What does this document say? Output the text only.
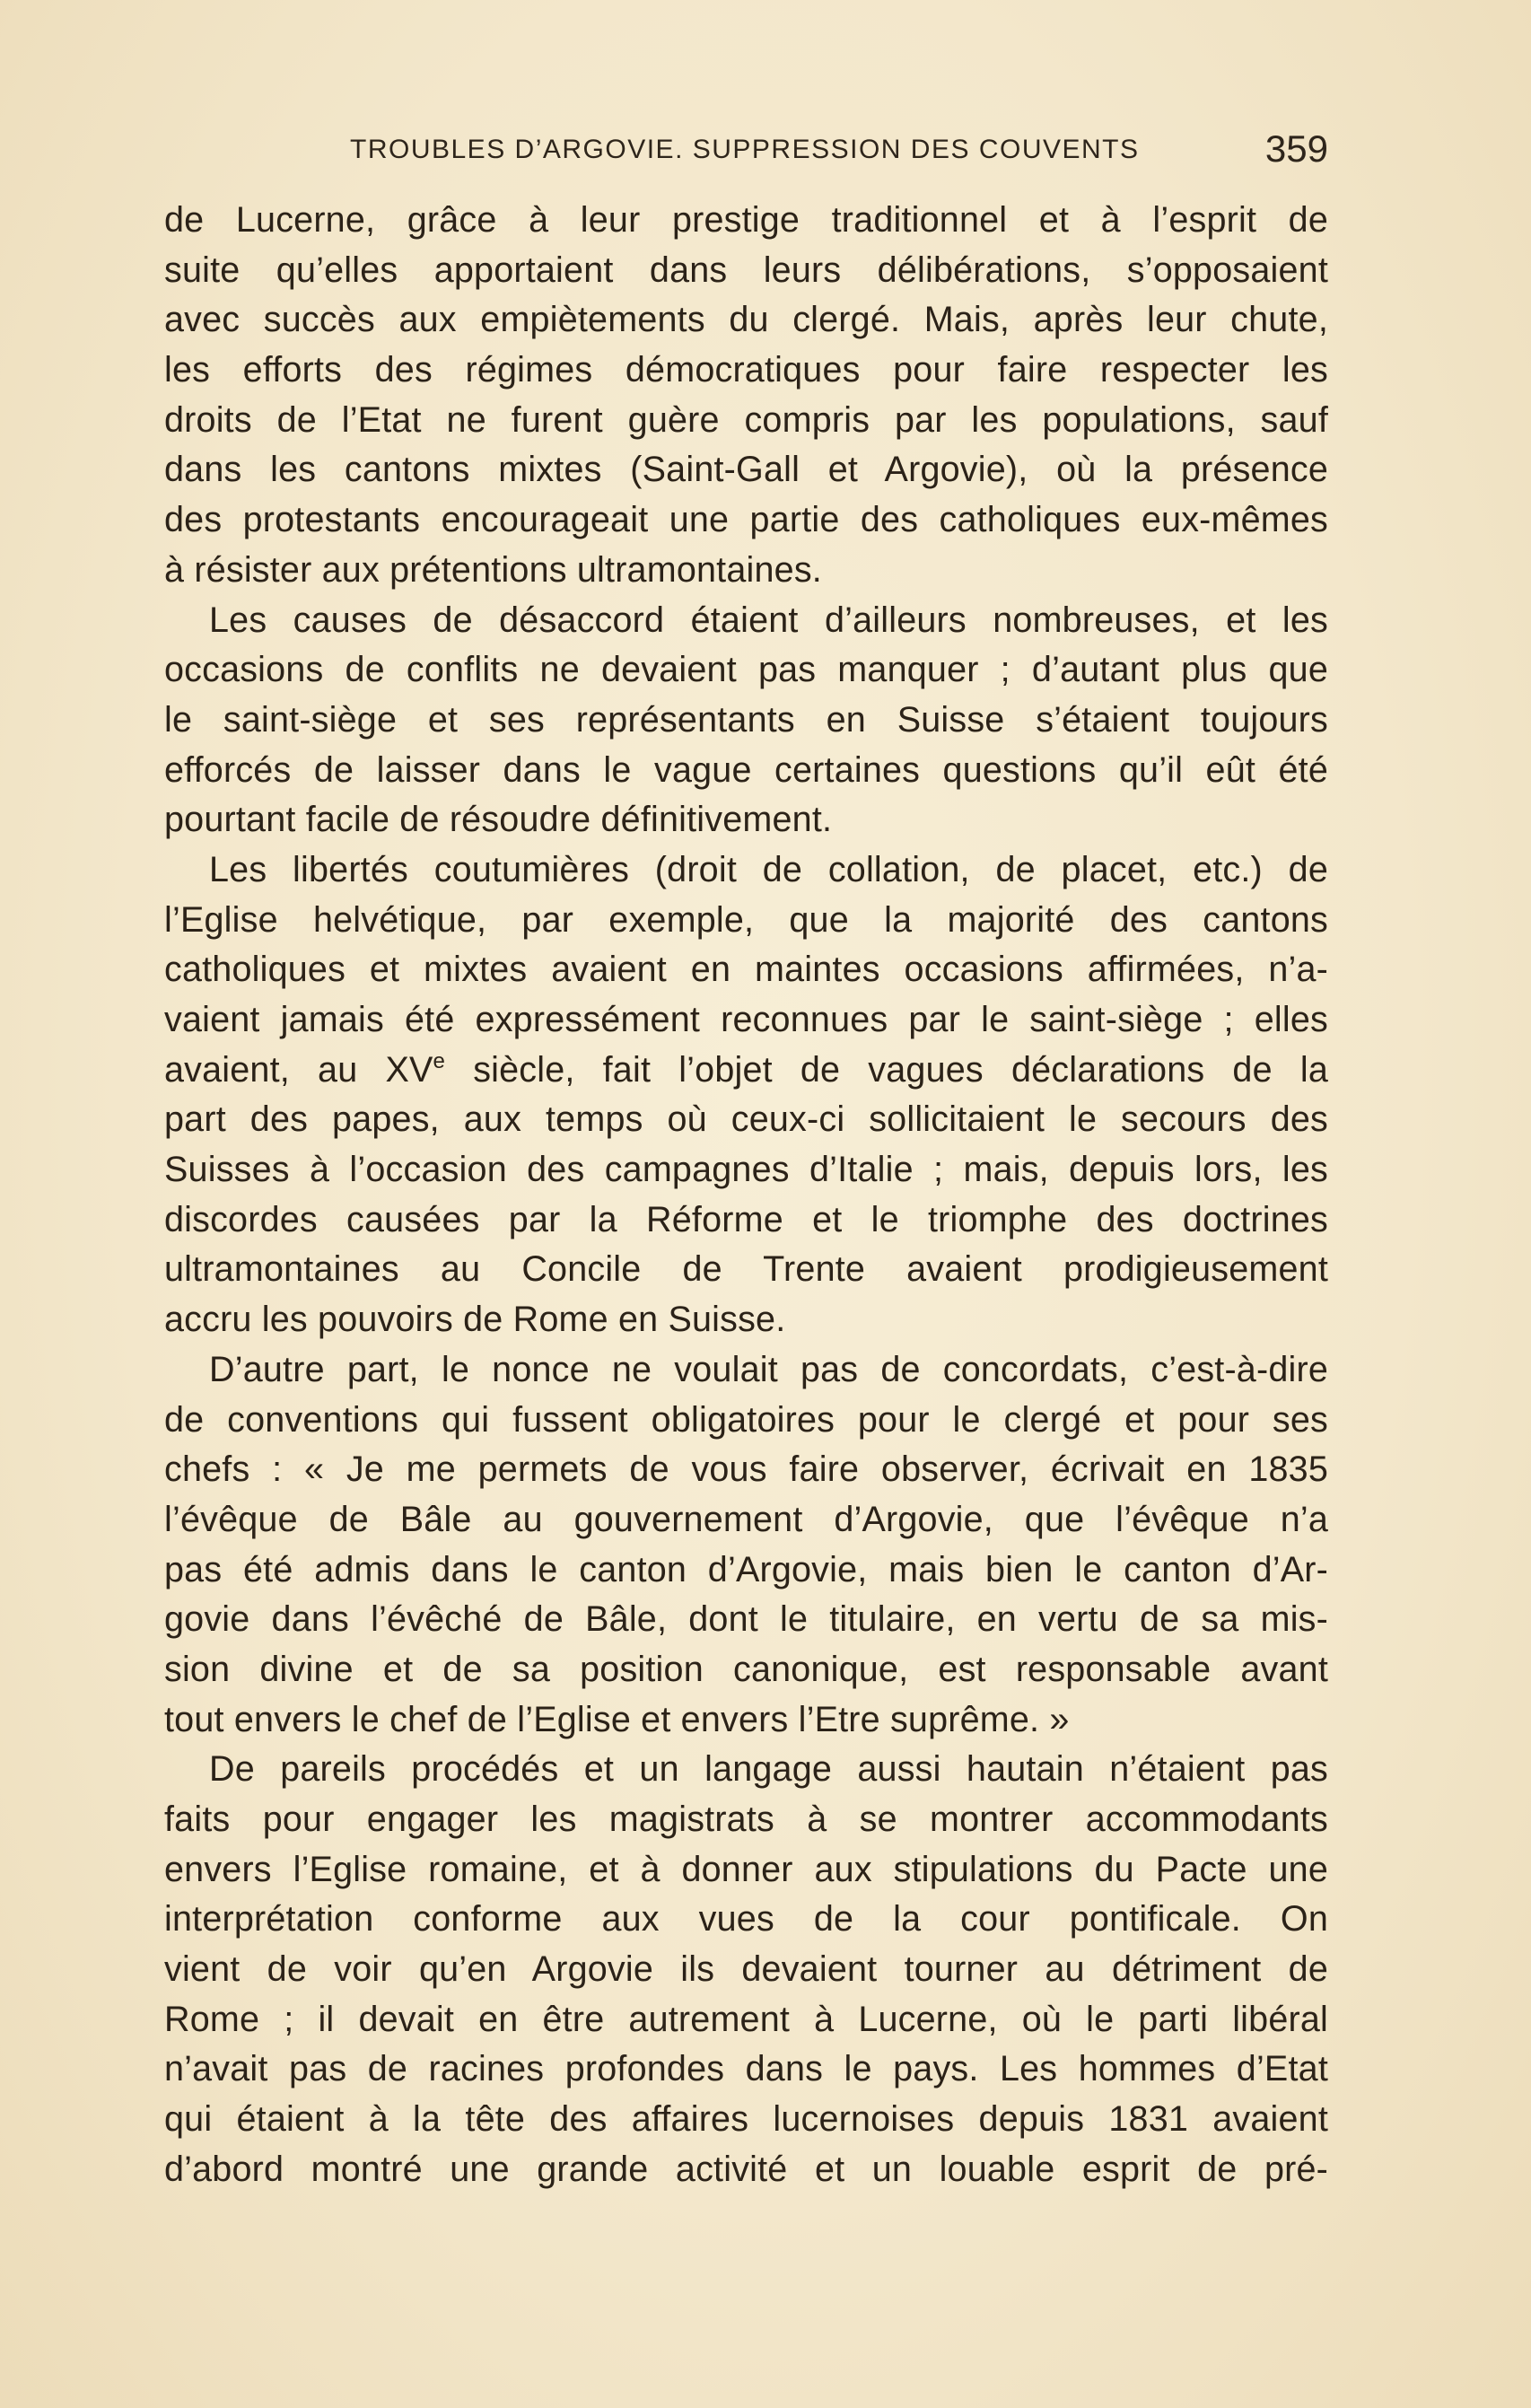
TROUBLES D’ARGOVIE. SUPPRESSION DES COUVENTS	359
de Lucerne, grâce à leur prestige traditionnel et à l’esprit de
suite qu’elles apportaient dans leurs délibérations, s’opposaient
avec succès aux empiètements du clergé. Mais, après leur chute,
les efforts des régimes démocratiques pour faire respecter les
droits de l’Etat ne furent guère compris par les populations, sauf
dans les cantons mixtes (Saint-Gall et Argovie), où la présence
des protestants encourageait une partie des catholiques eux-mêmes
à résister aux prétentions ultramontaines.
Les causes de désaccord étaient d’ailleurs nombreuses, et les
occasions de conflits ne devaient pas manquer ; d’autant plus que
le saint-siège et ses représentants en Suisse s’étaient toujours
efforcés de laisser dans le vague certaines questions qu’il eût été
pourtant facile de résoudre définitivement.
Les libertés coutumières (droit de collation, de placet, etc.) de
l’Eglise helvétique, par exemple, que la majorité des cantons
catholiques et mixtes avaient en maintes occasions affirmées, n’a-
vaient jamais été expressément reconnues par le saint-siège ; elles
avaient, au XVe siècle, fait l’objet de vagues déclarations de la
part des papes, aux temps où ceux-ci sollicitaient le secours des
Suisses à l’occasion des campagnes d’Italie ; mais, depuis lors, les
discordes causées par la Réforme et le triomphe des doctrines
ultramontaines au Concile de Trente avaient prodigieusement
accru les pouvoirs de Rome en Suisse.
D’autre part, le nonce ne voulait pas de concordats, c’est-à-dire
de conventions qui fussent obligatoires pour le clergé et pour ses
chefs : « Je me permets de vous faire observer, écrivait en 1835
l’évêque de Bâle au gouvernement d’Argovie, que l’évêque n’a
pas été admis dans le canton d’Argovie, mais bien le canton d’Ar-
govie dans l’évêché de Bâle, dont le titulaire, en vertu de sa mis-
sion divine et de sa position canonique, est responsable avant
tout envers le chef de l’Eglise et envers l’Etre suprême. »
De pareils procédés et un langage aussi hautain n’étaient pas
faits pour engager les magistrats à se montrer accommodants
envers l’Eglise romaine, et à donner aux stipulations du Pacte une
interprétation conforme aux vues de la cour pontificale. On
vient de voir qu’en Argovie ils devaient tourner au détriment de
Rome ; il devait en être autrement à Lucerne, où le parti libéral
n’avait pas de racines profondes dans le pays. Les hommes d’Etat
qui étaient à la tête des affaires lucernoises depuis 1831 avaient
d’abord montré une grande activité et un louable esprit de pré-
